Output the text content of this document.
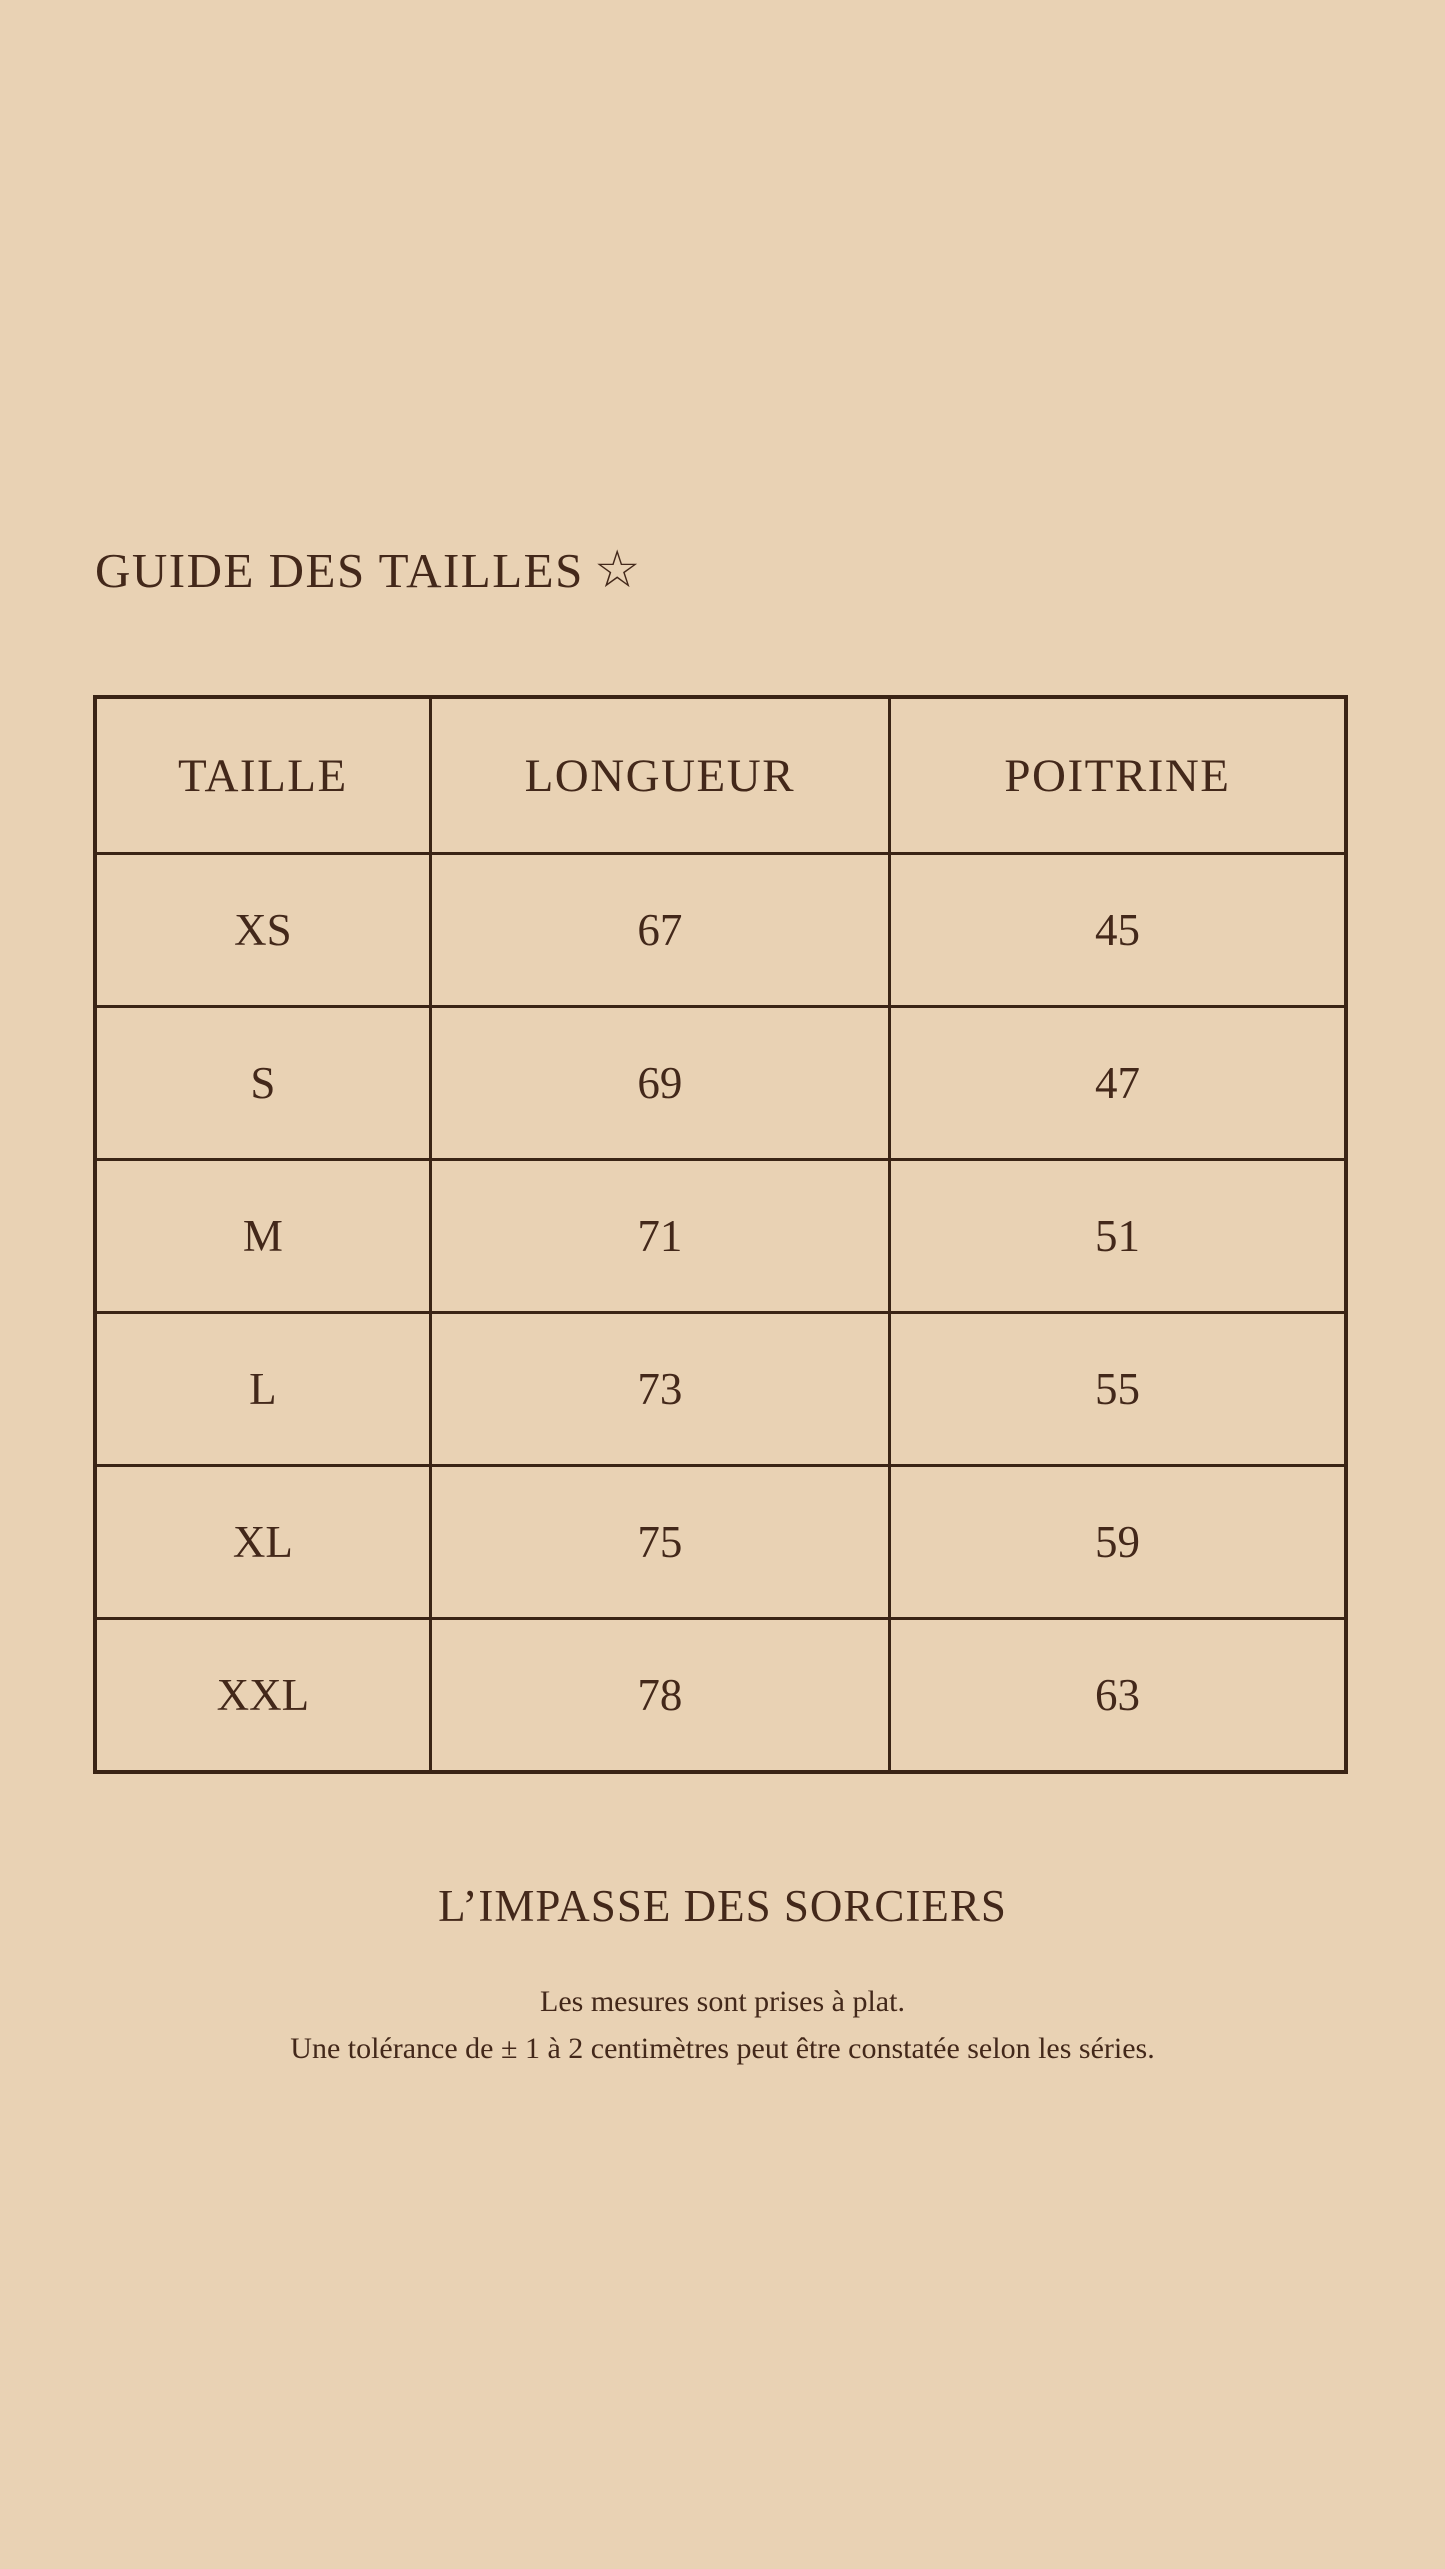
GUIDE DES TAILLES ☆
TAILLE	LONGUEUR	POITRINE
XS	67	45
S	69	47
M	71	51
L	73	55
XL	75	59
XXL	78	63
L’IMPASSE DES SORCIERS
Les mesures sont prises à plat.
Une tolérance de ± 1 à 2 centimètres peut être constatée selon les séries.
